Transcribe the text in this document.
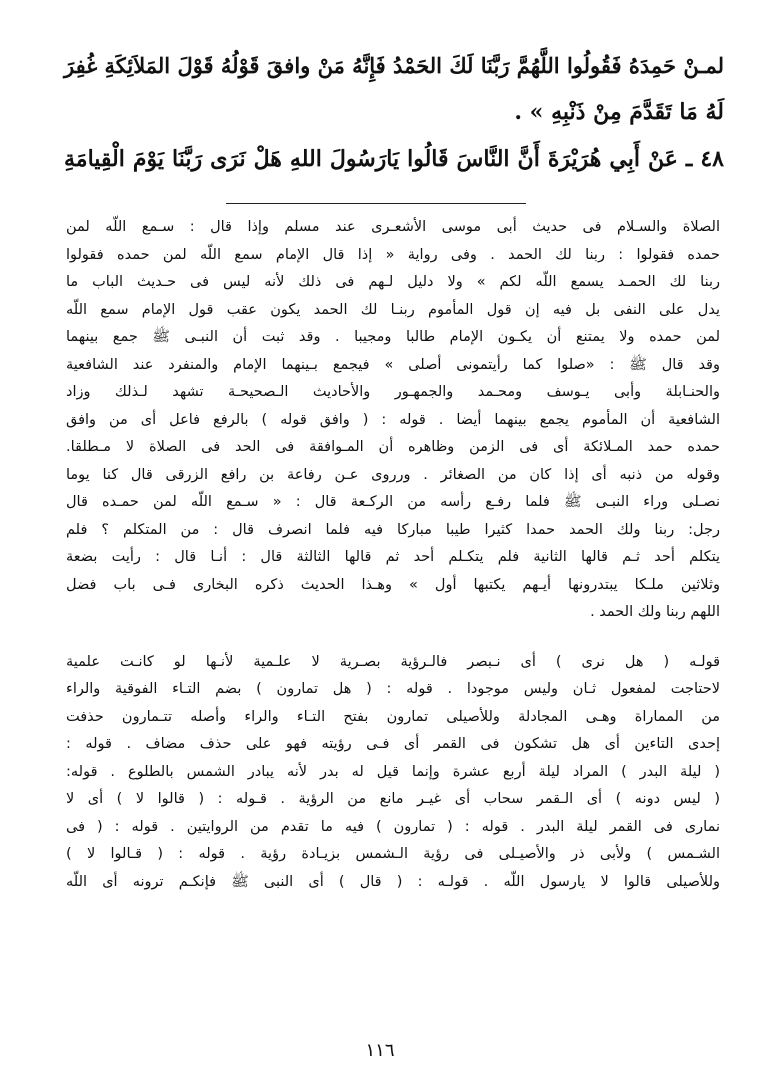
لمـنْ حَمِدَهُ فَقُولُوا اللَّهُمَّ رَبَّنَا لَكَ الحَمْدُ فَإِنَّهُ مَنْ وافقَ قَوْلُهُ قَوْلَ المَلاَئِكَةِ غُفِرَ
لَهُ مَا تَقَدَّمَ مِنْ ذَنْبِهِ » .
٤٨ ـ عَنْ أَبِي هُرَيْرَةَ أَنَّ النَّاسَ قَالُوا يَارَسُولَ اللهِ هَلْ نَرَى رَبَّنَا يَوْمَ الْقِيامَةِ
الصلاة والسـلام فى حديث أبى موسى الأشعـرى عند مسلم وإذا قال : سـمع اللّه لمن
حمده فقولوا : ربنا لك الحمد . وفى رواية « إذا قال الإمام سمع اللّه لمن حمده فقولوا
ربنا لك الحمـد يسمع اللّه لكم » ولا دليل لـهم فى ذلك لأنه ليس فى حـديث الباب ما
يدل على النفى بل فيه إن قول المأموم ربنـا لك الحمد يكون عقب قول الإمام سمع اللّه
لمن حمده ولا يمتنع أن يكـون الإمام طالبا ومجيبا . وقد ثبت أن النبـى ﷺ جمع بينهما
وقد قال ﷺ : «صلوا كما رأيتمونى أصلى » فيجمع بـينهما الإمام والمنفرد عند الشافعية
والحنـابلة وأبى يـوسف ومحـمد والجمهـور والأحاديث الـصحيحـة تشهد لـذلك وزاد
الشافعية أن المأموم يجمع بينهما أيضا . قوله : ( وافق قوله ) بالرفع فاعل أى من وافق
حمده حمد المـلائكة أى فى الزمن وظاهره أن المـوافقة فى الحد فى الصلاة لا مـطلقا.
وقوله من ذنبه أى إذا كان من الصغائر . ورروى عـن رفاعة بن رافع الزرقى قال كنا يوما
نصـلى وراء النبـى ﷺ فلما رفـع رأسه من الركـعة قال : « سـمع اللّه لمن حمـده قال
رجل: ربنا ولك الحمد حمدا كثيرا طيبا مباركا فيه فلما انصرف قال : من المتكلم ؟ فلم
يتكلم أحد ثـم قالها الثانية فلم يتكـلم أحد ثم قالها الثالثة قال : أنـا قال : رأيت بضعة
وثلاثين ملـكا يبتدرونها أيـهم يكتبها أول » وهـذا الحديث ذكره البخارى فـى باب فضل
اللهم ربنا ولك الحمد .
قولـه ( هل نرى ) أى نـبصر فالـرؤية بصـرية لا علـمية لأنـها لو كانـت علمية
لاحتاجت لمفعول ثـان وليس موجودا . قوله : ( هل تمارون ) بضم التـاء الفوقية والراء
من المماراة وهـى المجادلة وللأصيلى تمارون بفتح التـاء والراء وأصله تتـمارون حذفت
إحدى التاءين أى هل تشكون فى القمر أى فـى رؤيته فهو على حذف مضاف . قوله :
( ليلة البدر ) المراد ليلة أربع عشرة وإنما قيل له بدر لأنه يبادر الشمس بالطلوع . قوله:
( ليس دونه ) أى الـقمر سحاب أى غيـر مانع من الرؤية . قـوله : ( قالوا لا ) أى لا
نمارى فى القمر ليلة البدر . قوله : ( تمارون ) فيه ما تقدم من الروايتين . قوله : ( فى
الشـمس ) ولأبى ذر والأصيـلى فى رؤية الـشمس بزيـادة رؤية . قوله : ( قـالوا لا )
وللأصيلى قالوا لا يارسول اللّه . قولـه : ( قال ) أى النبى ﷺ فإنكـم ترونه أى اللّه
١١٦
